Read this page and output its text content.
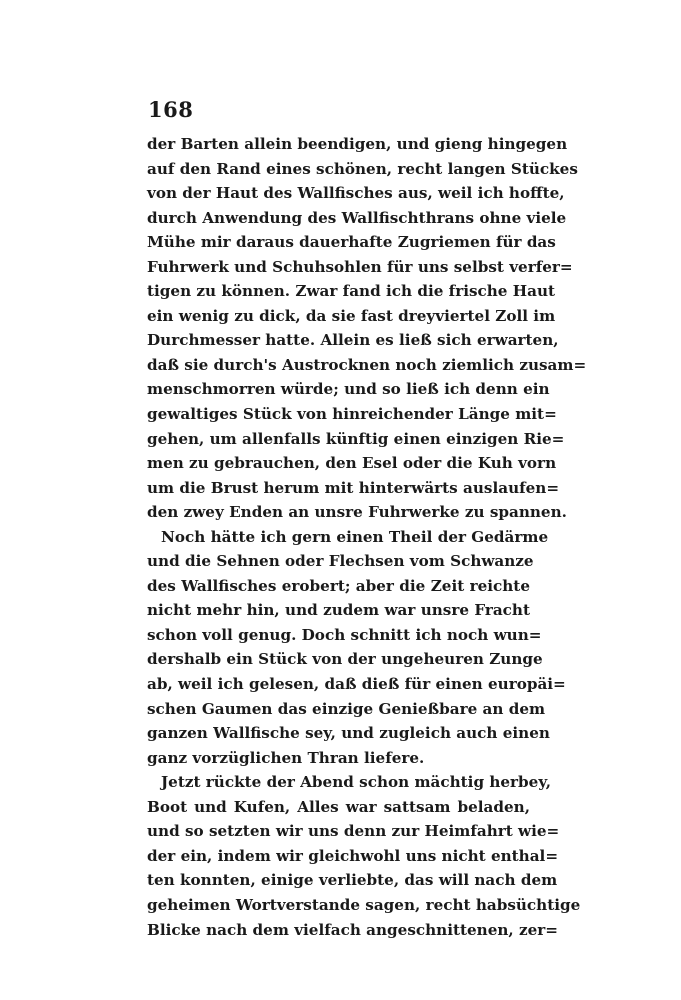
168
der Barten allein beendigen, und gieng hingegen
auf den Rand eines schönen, recht langen Stückes
von der Haut des Wallfisches aus, weil ich hoffte,
durch Anwendung des Wallfischthrans ohne viele
Mühe mir daraus dauerhafte Zugriemen für das
Fuhrwerk und Schuhsohlen für uns selbst verfer=
tigen zu können. Zwar fand ich die frische Haut
ein wenig zu dick, da sie fast dreyviertel Zoll im
Durchmesser hatte. Allein es ließ sich erwarten,
daß sie durch's Austrocknen noch ziemlich zusam=
menschmorren würde; und so ließ ich denn ein
gewaltiges Stück von hinreichender Länge mit=
gehen, um allenfalls künftig einen einzigen Rie=
men zu gebrauchen, den Esel oder die Kuh vorn
um die Brust herum mit hinterwärts auslaufen=
den zwey Enden an unsre Fuhrwerke zu spannen.
Noch hätte ich gern einen Theil der Gedärme
und die Sehnen oder Flechsen vom Schwanze
des Wallfisches erobert; aber die Zeit reichte
nicht mehr hin, und zudem war unsre Fracht
schon voll genug. Doch schnitt ich noch wun=
dershalb ein Stück von der ungeheuren Zunge
ab, weil ich gelesen, daß dieß für einen europäi=
schen Gaumen das einzige Genießbare an dem
ganzen Wallfische sey, und zugleich auch einen
ganz vorzüglichen Thran liefere.
Jetzt rückte der Abend schon mächtig herbey,
Boot und Kufen, Alles war sattsam beladen,
und so setzten wir uns denn zur Heimfahrt wie=
der ein, indem wir gleichwohl uns nicht enthal=
ten konnten, einige verliebte, das will nach dem
geheimen Wortverstande sagen, recht habsüchtige
Blicke nach dem vielfach angeschnittenen, zer=
